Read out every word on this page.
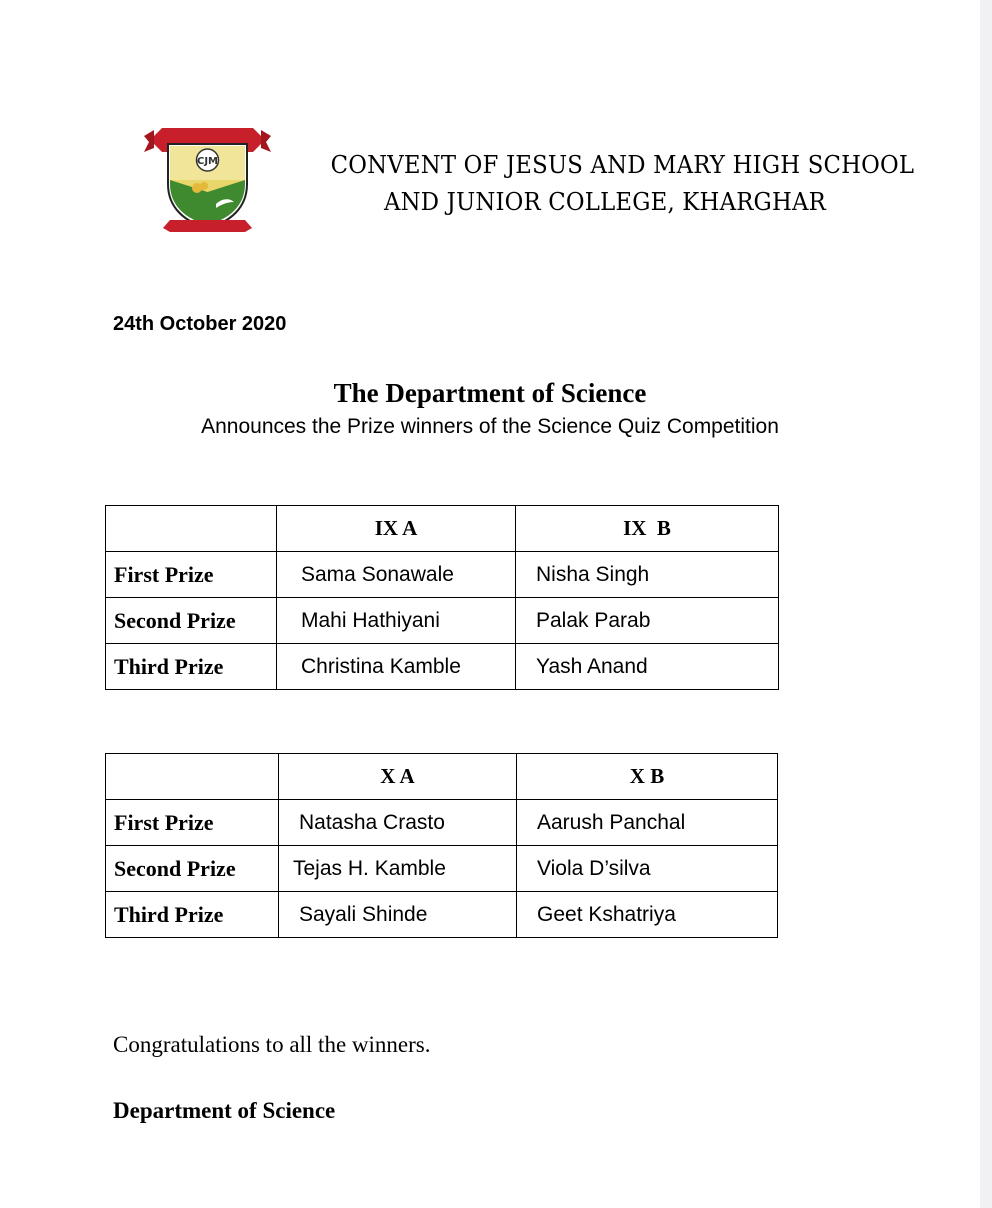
CJM	CONVENT OF JESUS AND MARY HIGH SCHOOL
AND JUNIOR COLLEGE, KHARGHAR
24th October 2020
The Department of Science
Announces the Prize winners of the Science Quiz Competition
	IX A	IX  B
First Prize	Sama Sonawale	Nisha Singh
Second Prize	Mahi Hathiyani	Palak Parab
Third Prize	Christina Kamble	Yash Anand
	X A	X B
First Prize	Natasha Crasto	Aarush Panchal
Second Prize	Tejas H. Kamble	Viola D’silva
Third Prize	Sayali Shinde	Geet Kshatriya
Congratulations to all the winners.
Department of Science
